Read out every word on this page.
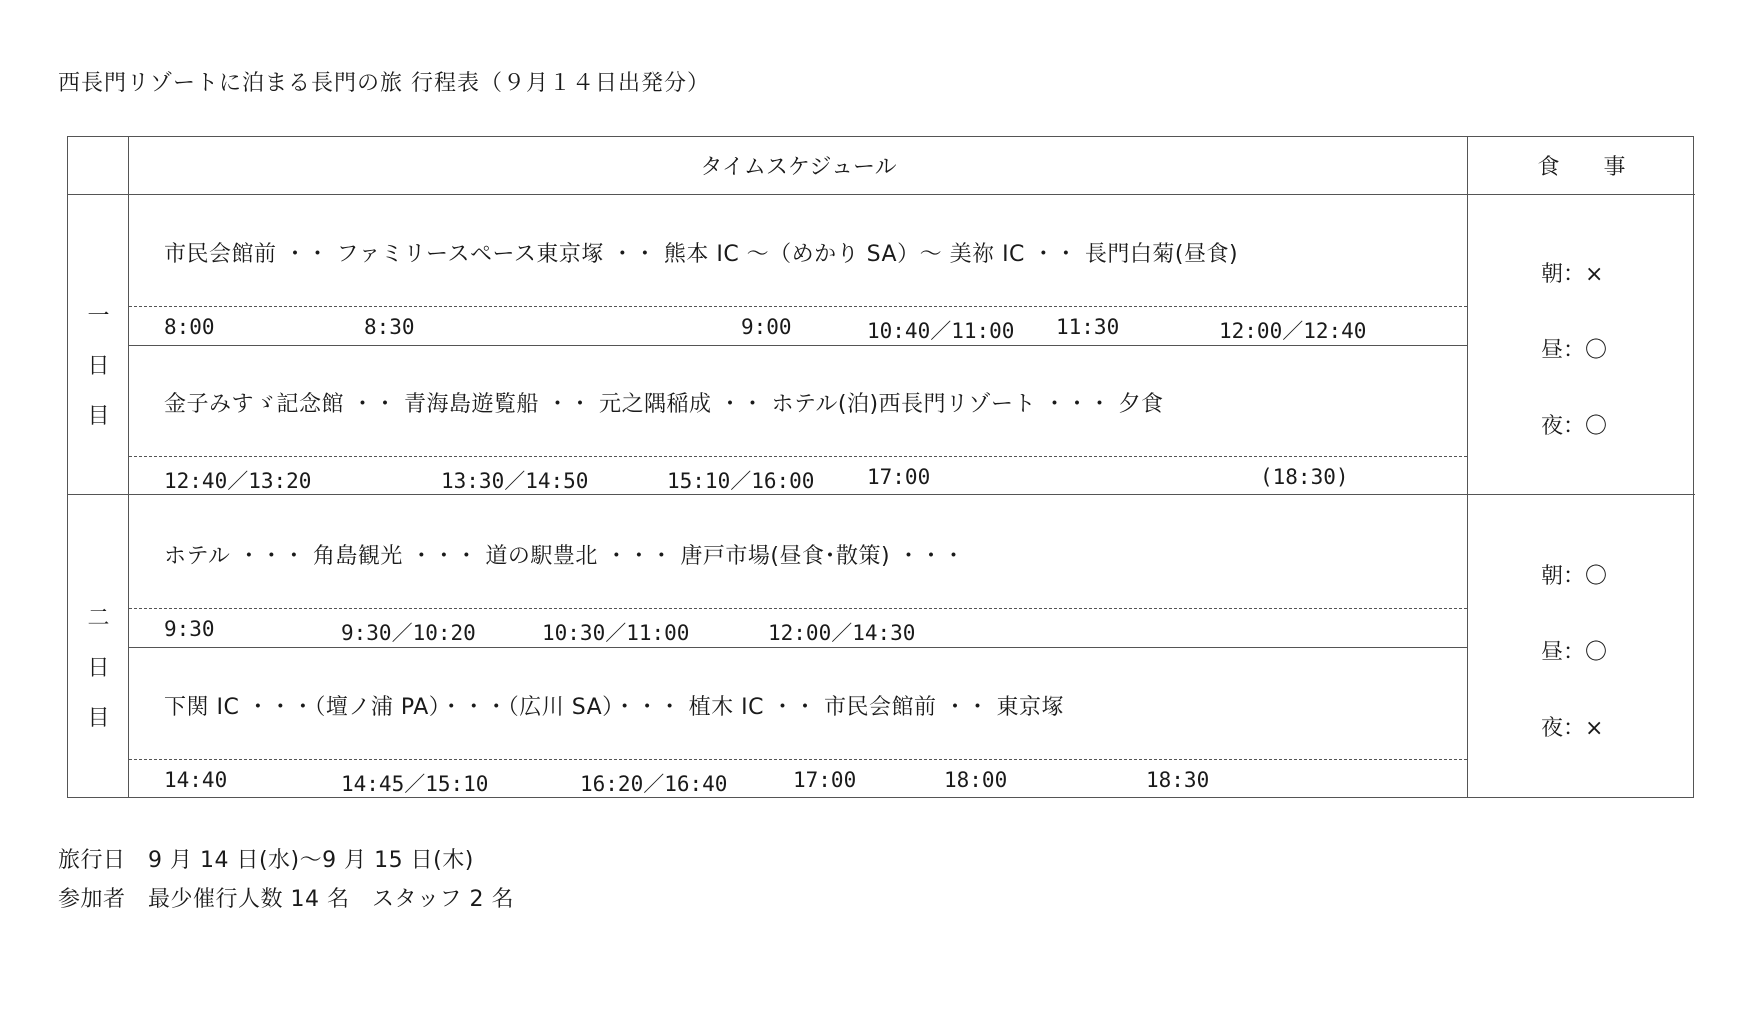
西長門リゾートに泊まる長門の旅 行程表（９月１４日出発分）
タイムスケジュール	食 事
一
日
目
市民会館前 ・・ ファミリースペース東京塚 ・・ 熊本 IC ～（めかり SA）～ 美祢 IC ・・ 長門白菊(昼食)
8:00	8:30	9:00	10:40／11:00 11:30	12:00／12:40
金子みすゞ記念館 ・・ 青海島遊覧船 ・・ 元之隅稲成 ・・ ホテル(泊)西長門リゾート ・・・ 夕食
12:40／13:20	13:30／14:50	15:10／16:00	17:00	(18:30)
朝：×
昼：〇
夜：〇
二
日
目
ホテル ・・・ 角島観光 ・・・ 道の駅豊北 ・・・ 唐戸市場(昼食･散策) ・・・
9:30	9:30／10:20	10:30／11:00	12:00／14:30
下関 IC ・・・（壇ノ浦 PA）・・・（広川 SA）・・・ 植木 IC ・・ 市民会館前 ・・ 東京塚
14:40	14:45／15:10	16:20／16:40	17:00	18:00	18:30
朝：〇
昼：〇
夜：×
旅行日　9 月 14 日(水)～9 月 15 日(木)
参加者　最少催行人数 14 名　スタッフ 2 名
